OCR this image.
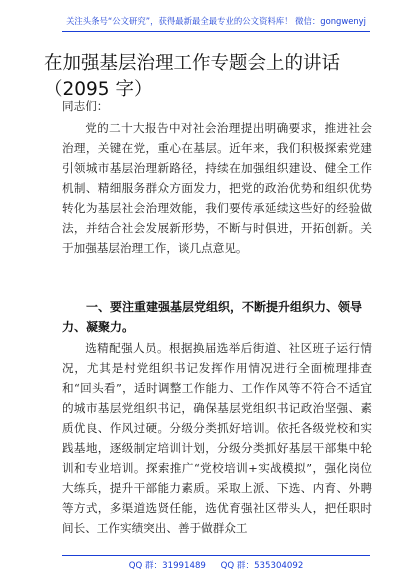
关注头条号“公文研究”，获得最新最全最专业的公文资料库！ 微信：gongwenyj
在加强基层治理工作专题会上的讲话
（2095 字）
同志们：

党的二十大报告中对社会治理提出明确要求，推进社会治理，关键在党，重心在基层。近年来，我们积极探索党建引领城市基层治理新路径，持续在加强组织建设、健全工作机制、精细服务群众方面发力，把党的政治优势和组织优势转化为基层社会治理效能，我们要传承延续这些好的经验做法，并结合社会发展新形势，不断与时俱进，开拓创新。关于加强基层治理工作，谈几点意见。

一、要注重建强基层党组织，不断提升组织力、领导力、凝聚力。

选精配强人员。根据换届选举后街道、社区班子运行情况，尤其是村党组织书记发挥作用情况进行全面梳理排查和“回头看”，适时调整工作能力、工作作风等不符合不适宜的城市基层党组织书记，确保基层党组织书记政治坚强、素质优良、作风过硬。分级分类抓好培训。依托各级党校和实践基地，逐级制定培训计划，分级分类抓好基层干部集中轮训和专业培训。探索推广“党校培训+实战模拟”，强化岗位大练兵，提升干部能力素质。采取上派、下选、内育、外聘等方式，多渠道选贤任能，选优育强社区带头人，把任职时间长、工作实绩突出、善于做群众工

QQ 群：31991489 QQ 群：535304092
